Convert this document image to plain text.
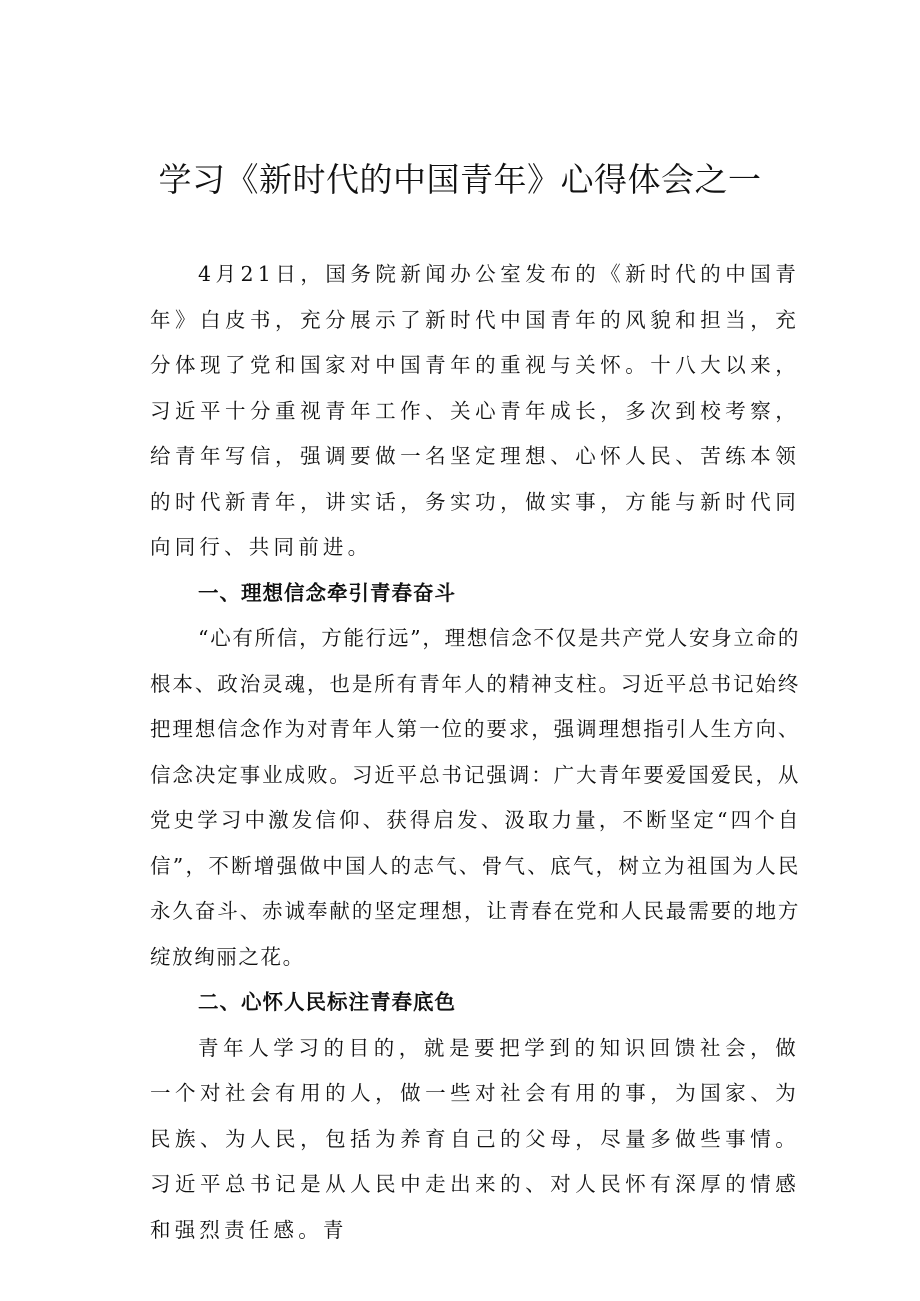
学习《新时代的中国青年》心得体会之一

4月21日，国务院新闻办公室发布的《新时代的中国青年》白皮书，充分展示了新时代中国青年的风貌和担当，充分体现了党和国家对中国青年的重视与关怀。十八大以来，习近平十分重视青年工作、关心青年成长，多次到校考察，给青年写信，强调要做一名坚定理想、心怀人民、苦练本领的时代新青年，讲实话，务实功，做实事，方能与新时代同向同行、共同前进。

一、理想信念牵引青春奋斗

“心有所信，方能行远”，理想信念不仅是共产党人安身立命的根本、政治灵魂，也是所有青年人的精神支柱。习近平总书记始终把理想信念作为对青年人第一位的要求，强调理想指引人生方向、信念决定事业成败。习近平总书记强调：广大青年要爱国爱民，从党史学习中激发信仰、获得启发、汲取力量，不断坚定“四个自信”，不断增强做中国人的志气、骨气、底气，树立为祖国为人民永久奋斗、赤诚奉献的坚定理想，让青春在党和人民最需要的地方绽放绚丽之花。

二、心怀人民标注青春底色

青年人学习的目的，就是要把学到的知识回馈社会，做一个对社会有用的人，做一些对社会有用的事，为国家、为民族、为人民，包括为养育自己的父母，尽量多做些事情。习近平总书记是从人民中走出来的、对人民怀有深厚的情感和强烈责任感。青
